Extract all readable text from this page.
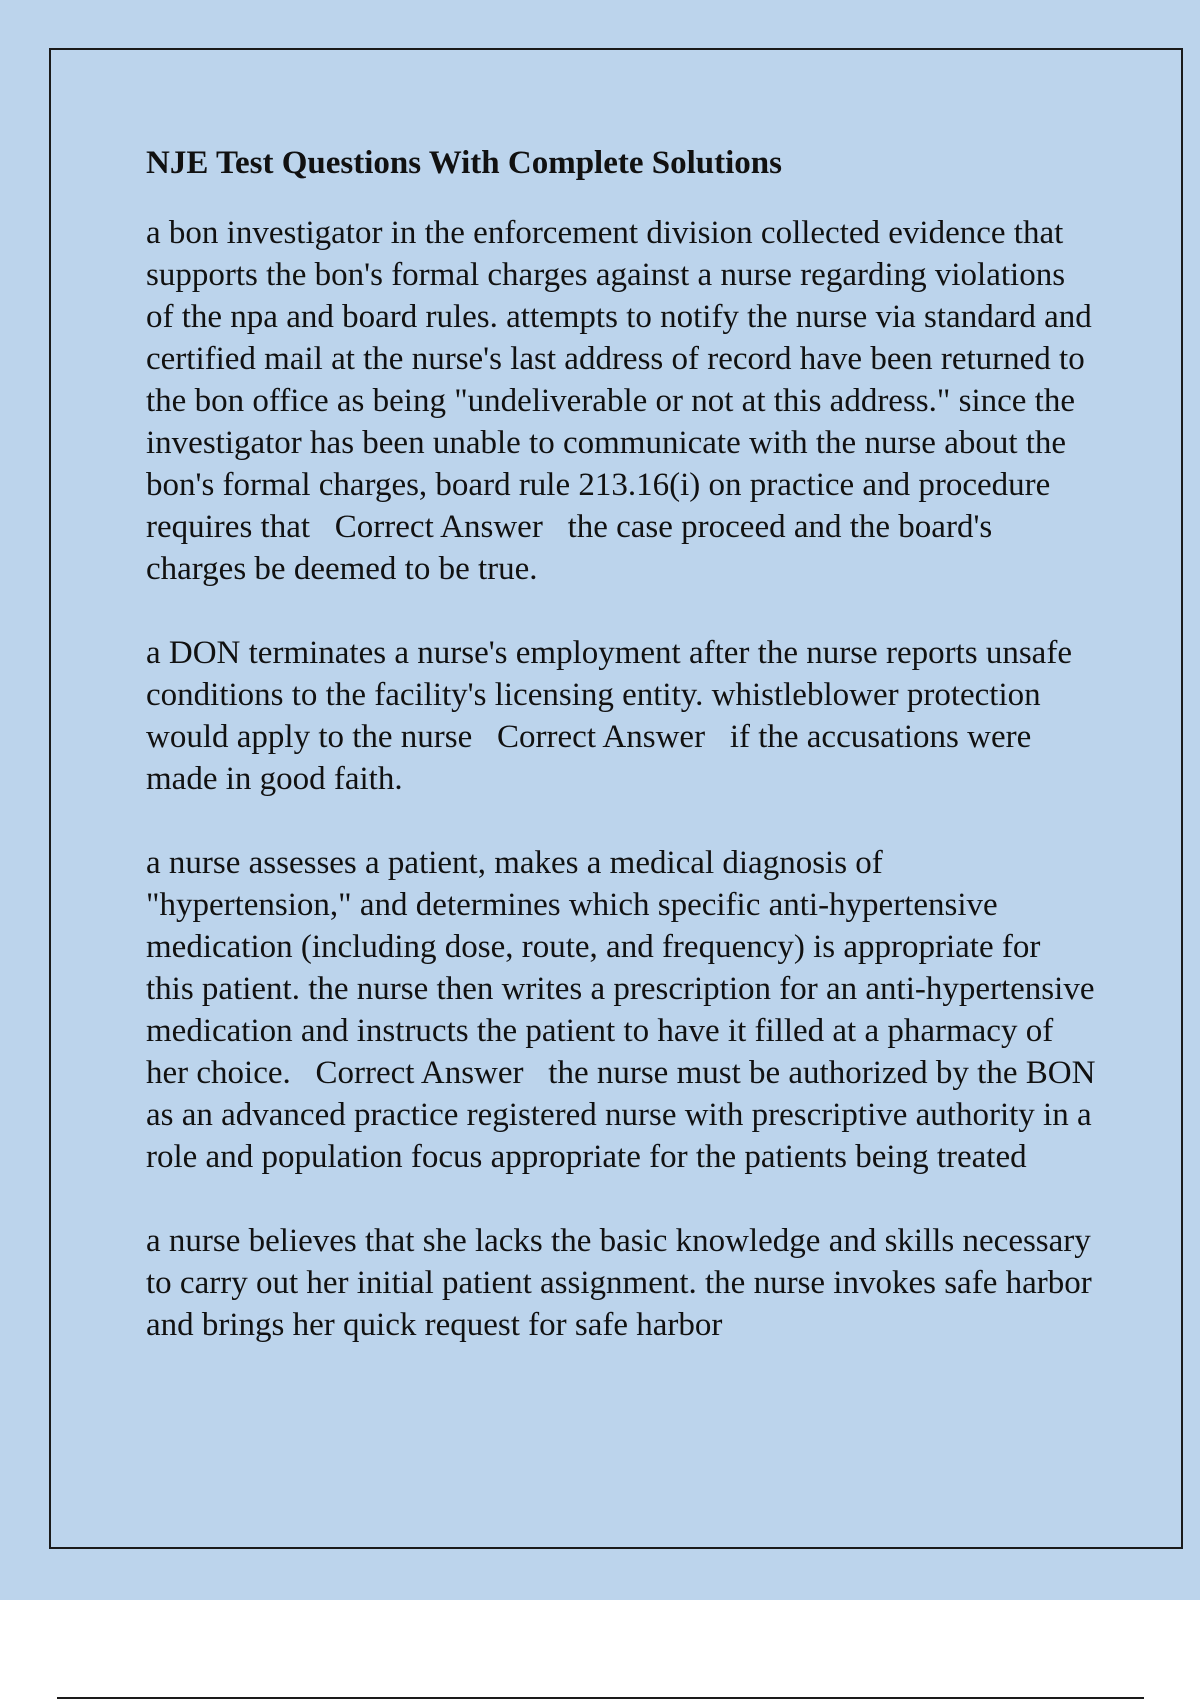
NJE Test Questions With Complete Solutions

a bon investigator in the enforcement division collected evidence that supports the bon's formal charges against a nurse regarding violations of the npa and board rules. attempts to notify the nurse via standard and certified mail at the nurse's last address of record have been returned to the bon office as being "undeliverable or not at this address." since the investigator has been unable to communicate with the nurse about the bon's formal charges, board rule 213.16(i) on practice and procedure requires that Correct Answer the case proceed and the board's charges be deemed to be true.

a DON terminates a nurse's employment after the nurse reports unsafe conditions to the facility's licensing entity. whistleblower protection would apply to the nurse Correct Answer if the accusations were made in good faith.

a nurse assesses a patient, makes a medical diagnosis of "hypertension," and determines which specific anti-hypertensive medication (including dose, route, and frequency) is appropriate for this patient. the nurse then writes a prescription for an anti-hypertensive medication and instructs the patient to have it filled at a pharmacy of her choice. Correct Answer the nurse must be authorized by the BON as an advanced practice registered nurse with prescriptive authority in a role and population focus appropriate for the patients being treated

a nurse believes that she lacks the basic knowledge and skills necessary to carry out her initial patient assignment. the nurse invokes safe harbor and brings her quick request for safe harbor
